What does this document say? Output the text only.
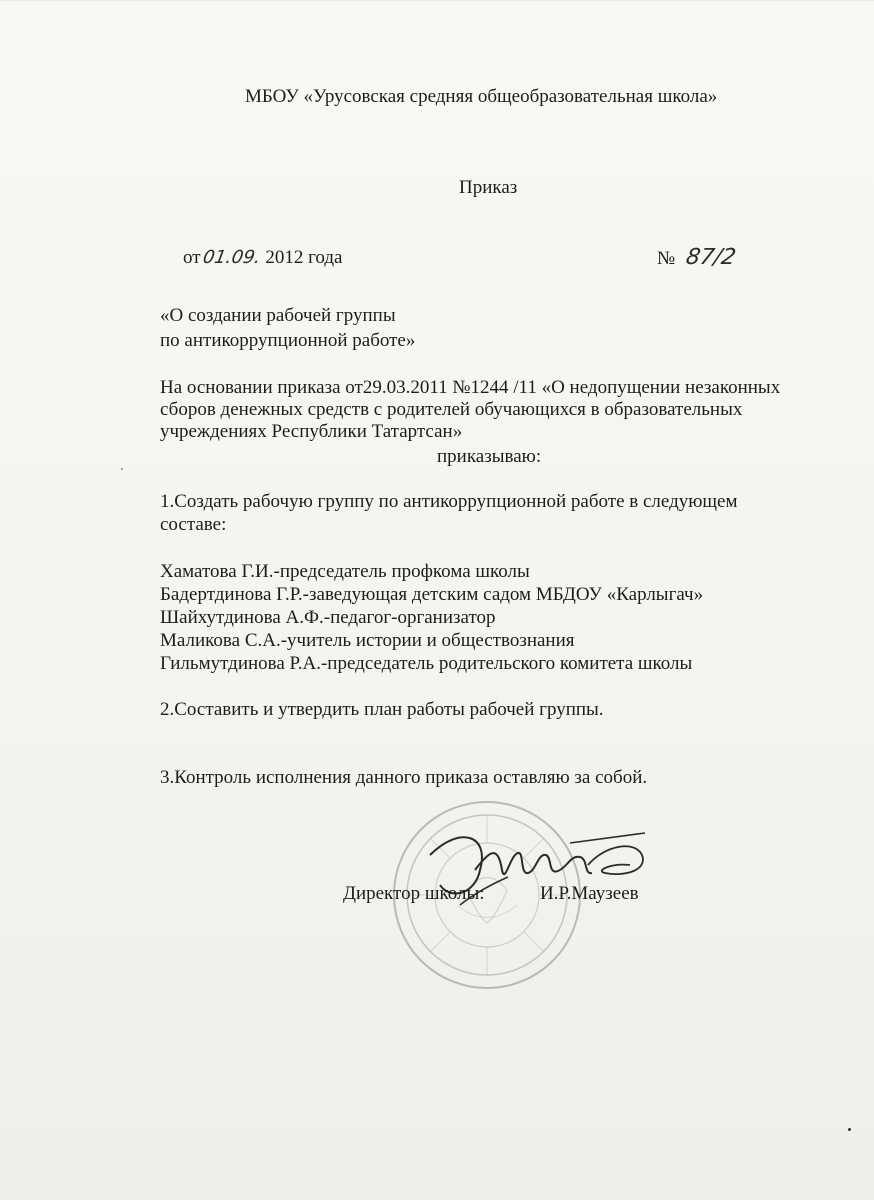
МБОУ «Урусовская средняя общеобразовательная школа»
Приказ
от 01.09. 2012 года	№ 87/2
«О создании рабочей группы
по антикоррупционной работе»
На основании приказа от29.03.2011 №1244 /11 «О недопущении незаконных
сборов денежных средств с родителей обучающихся в образовательных
учреждениях Республики Татартсан»
приказываю:
1.Создать рабочую группу по антикоррупционной работе в следующем
составе:
Хаматова Г.И.-председатель профкома школы
Бадертдинова Г.Р.-заведующая детским садом МБДОУ «Карлыгач»
Шайхутдинова А.Ф.-педагог-организатор
Маликова С.А.-учитель истории и обществознания
Гильмутдинова Р.А.-председатель родительского комитета школы
2.Составить и утвердить план работы рабочей группы.
3.Контроль исполнения данного приказа оставляю за собой.
Директор школы:	И.Р.Маузеев
